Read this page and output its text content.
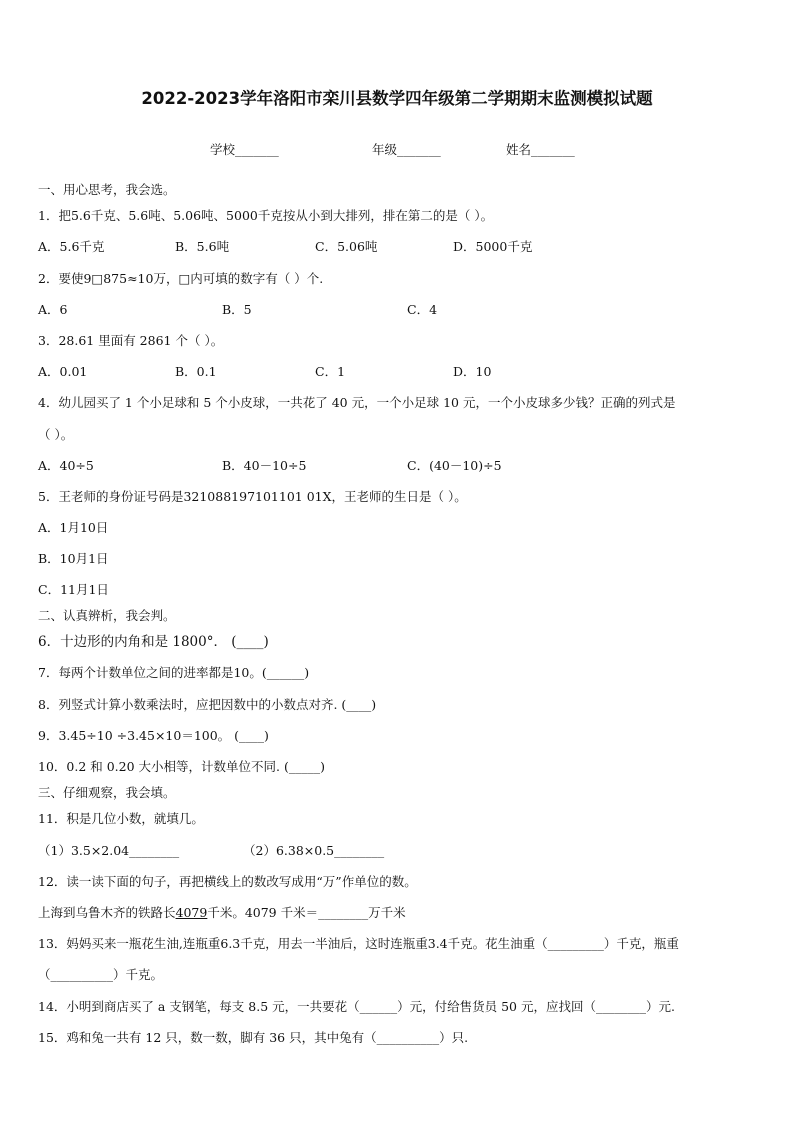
2022-2023学年洛阳市栾川县数学四年级第二学期期末监测模拟试题
学校_______	年级_______	姓名_______
一、用心思考，我会选。
1．把5.6千克、5.6吨、5.06吨、5000千克按从小到大排列，排在第二的是（ ）。
A．5.6千克	B．5.6吨	C．5.06吨	D．5000千克
2．要使9□875≈10万，□内可填的数字有（ ）个.
A．6	B．5	C．4
3．28.61 里面有 2861 个（ ）。
A．0.01	B．0.1	C．1	D．10
4．幼儿园买了 1 个小足球和 5 个小皮球，一共花了 40 元，一个小足球 10 元，一个小皮球多少钱？正确的列式是
（ ）。
A．40÷5	B．40－10÷5	C．(40－10)÷5
5．王老师的身份证号码是321088197101101 01X，王老师的生日是（ ）。
A．1月10日
B．10月1日
C．11月1日
二、认真辨析，我会判。
6．十边形的内角和是 1800°． (____)
7．每两个计数单位之间的进率都是10。(______)
8．列竖式计算小数乘法时，应把因数中的小数点对齐. (____)
9．3.45÷10 ÷3.45×10＝100。 (____)
10．0.2 和 0.20 大小相等，计数单位不同. (_____)
三、仔细观察，我会填。
11．积是几位小数，就填几。
（1）3.5×2.04________	（2）6.38×0.5________
12．读一读下面的句子，再把横线上的数改写成用“万”作单位的数。
上海到乌鲁木齐的铁路长4079千米。4079 千米＝________万千米
13．妈妈买来一瓶花生油,连瓶重6.3千克，用去一半油后，这时连瓶重3.4千克。花生油重（_________）千克，瓶重
（__________）千克。
14．小明到商店买了 a 支钢笔，每支 8.5 元，一共要花（______）元，付给售货员 50 元，应找回（________）元.
15．鸡和兔一共有 12 只，数一数，脚有 36 只，其中兔有（__________）只.
